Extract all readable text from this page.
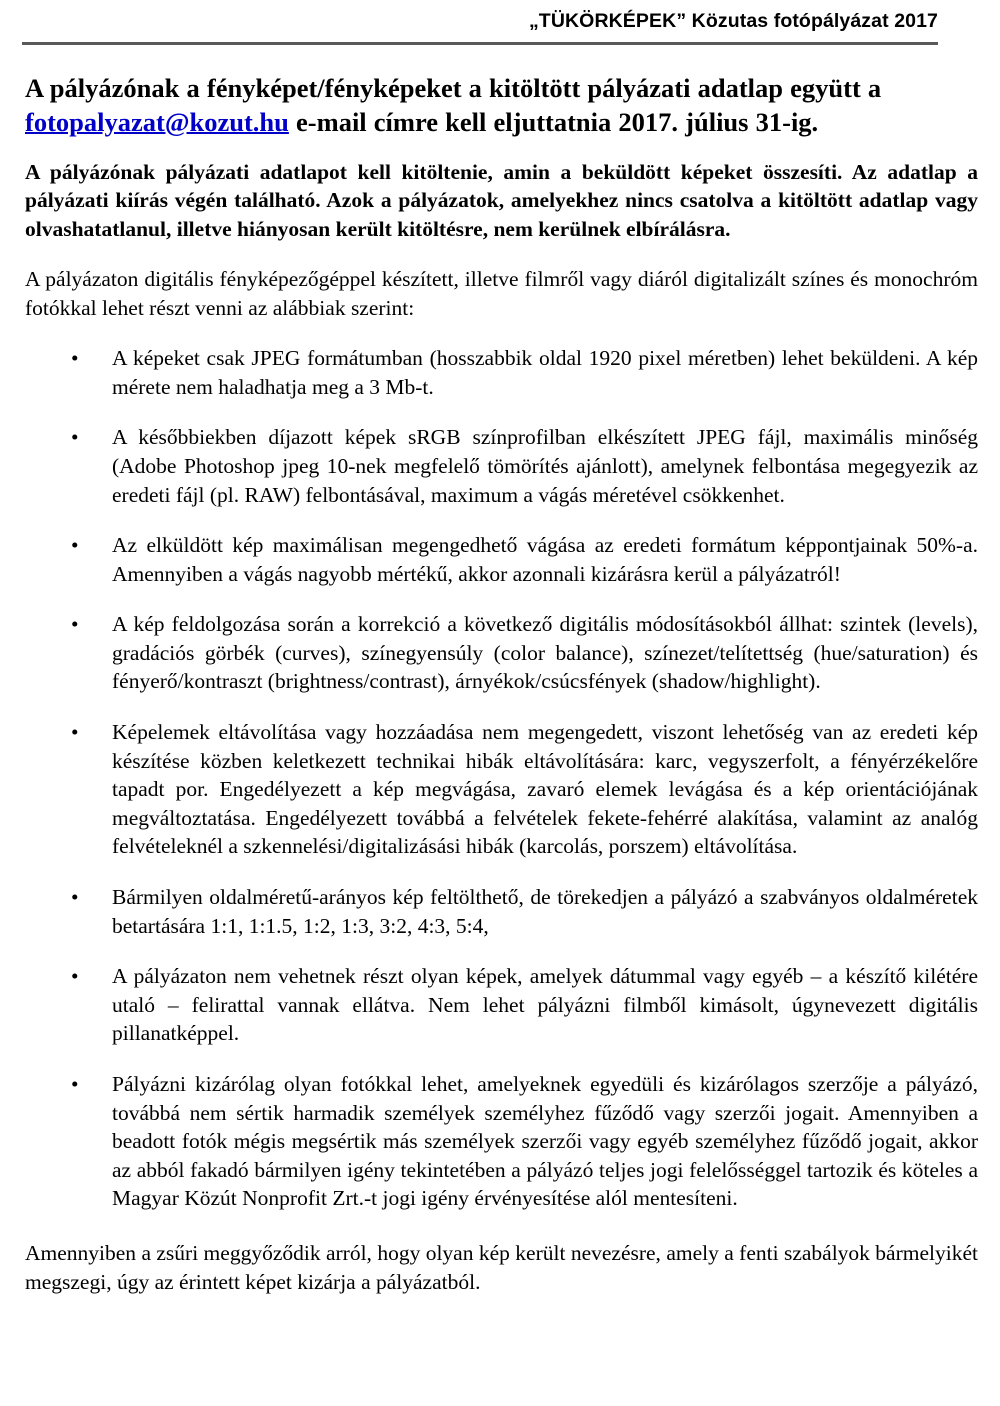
„TÜKÖRKÉPEK” Közutas fotópályázat 2017
A pályázónak a fényképet/fényképeket a kitöltött pályázati adatlap együtt a
fotopalyazat@kozut.hu e-mail címre kell eljuttatnia 2017. július 31-ig.

A pályázónak pályázati adatlapot kell kitöltenie, amin a beküldött képeket összesíti. Az adatlap a pályázati kiírás végén található. Azok a pályázatok, amelyekhez nincs csatolva a kitöltött adatlap vagy olvashatatlanul, illetve hiányosan került kitöltésre, nem kerülnek elbírálásra.

A pályázaton digitális fényképezőgéppel készített, illetve filmről vagy diáról digitalizált színes és monochróm fotókkal lehet részt venni az alábbiak szerint:

• A képeket csak JPEG formátumban (hosszabbik oldal 1920 pixel méretben) lehet beküldeni. A kép mérete nem haladhatja meg a 3 Mb-t.
• A későbbiekben díjazott képek sRGB színprofilban elkészített JPEG fájl, maximális minőség (Adobe Photoshop jpeg 10-nek megfelelő tömörítés ajánlott), amelynek felbontása megegyezik az eredeti fájl (pl. RAW) felbontásával, maximum a vágás méretével csökkenhet.
• Az elküldött kép maximálisan megengedhető vágása az eredeti formátum képpontjainak 50%-a. Amennyiben a vágás nagyobb mértékű, akkor azonnali kizárásra kerül a pályázatról!
• A kép feldolgozása során a korrekció a következő digitális módosításokból állhat: szintek (levels), gradációs görbék (curves), színegyensúly (color balance), színezet/telítettség (hue/saturation) és fényerő/kontraszt (brightness/contrast), árnyékok/csúcsfények (shadow/highlight).
• Képelemek eltávolítása vagy hozzáadása nem megengedett, viszont lehetőség van az eredeti kép készítése közben keletkezett technikai hibák eltávolítására: karc, vegyszerfolt, a fényérzékelőre tapadt por. Engedélyezett a kép megvágása, zavaró elemek levágása és a kép orientációjának megváltoztatása. Engedélyezett továbbá a felvételek fekete-fehérré alakítása, valamint az analóg felvételeknél a szkennelési/digitalizásási hibák (karcolás, porszem) eltávolítása.
• Bármilyen oldalméretű-arányos kép feltölthető, de törekedjen a pályázó a szabványos oldalméretek betartására 1:1, 1:1.5, 1:2, 1:3, 3:2, 4:3, 5:4,
• A pályázaton nem vehetnek részt olyan képek, amelyek dátummal vagy egyéb – a készítő kilétére utaló – felirattal vannak ellátva. Nem lehet pályázni filmből kimásolt, úgynevezett digitális pillanatképpel.
• Pályázni kizárólag olyan fotókkal lehet, amelyeknek egyedüli és kizárólagos szerzője a pályázó, továbbá nem sértik harmadik személyek személyhez fűződő vagy szerzői jogait. Amennyiben a beadott fotók mégis megsértik más személyek szerzői vagy egyéb személyhez fűződő jogait, akkor az abból fakadó bármilyen igény tekintetében a pályázó teljes jogi felelősséggel tartozik és köteles a Magyar Közút Nonprofit Zrt.-t jogi igény érvényesítése alól mentesíteni.

Amennyiben a zsűri meggyőződik arról, hogy olyan kép került nevezésre, amely a fenti szabályok bármelyikét megszegi, úgy az érintett képet kizárja a pályázatból.
